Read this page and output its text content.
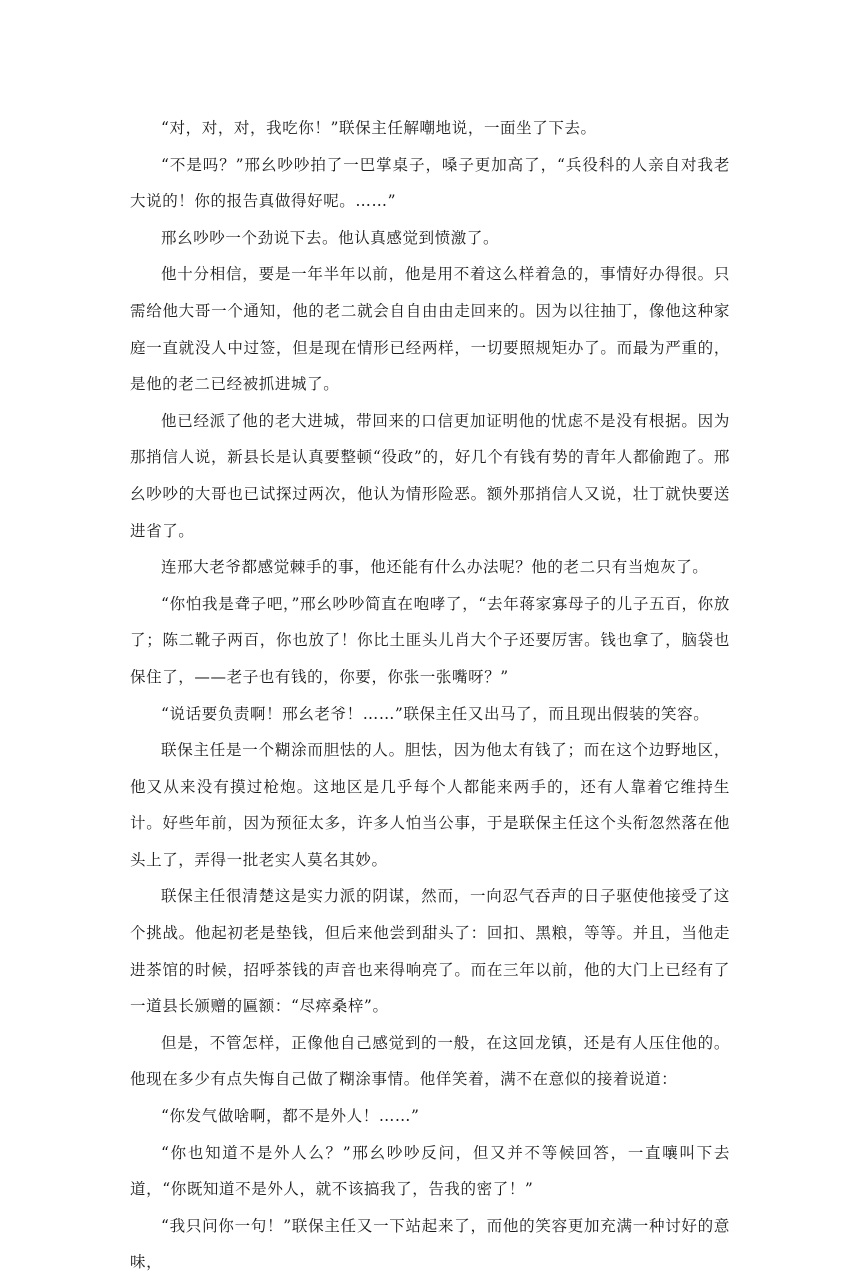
“对，对，对，我吃你！”联保主任解嘲地说，一面坐了下去。

“不是吗？”邢幺吵吵拍了一巴掌桌子，嗓子更加高了，“兵役科的人亲自对我老大说的！你的报告真做得好呢。……”

邢幺吵吵一个劲说下去。他认真感觉到愤激了。

他十分相信，要是一年半年以前，他是用不着这么样着急的，事情好办得很。只需给他大哥一个通知，他的老二就会自自由由走回来的。因为以往抽丁，像他这种家庭一直就没人中过签，但是现在情形已经两样，一切要照规矩办了。而最为严重的，是他的老二已经被抓进城了。

他已经派了他的老大进城，带回来的口信更加证明他的忧虑不是没有根据。因为那捎信人说，新县长是认真要整顿“役政”的，好几个有钱有势的青年人都偷跑了。邢幺吵吵的大哥也已试探过两次，他认为情形险恶。额外那捎信人又说，壮丁就快要送进省了。

连邢大老爷都感觉棘手的事，他还能有什么办法呢？他的老二只有当炮灰了。

“你怕我是聋子吧，”邢幺吵吵简直在咆哮了，“去年蒋家寡母子的儿子五百，你放了；陈二靴子两百，你也放了！你比土匪头儿肖大个子还要厉害。钱也拿了，脑袋也保住了，——老子也有钱的，你要，你张一张嘴呀？”

“说话要负责啊！邢幺老爷！……”联保主任又出马了，而且现出假装的笑容。

联保主任是一个糊涂而胆怯的人。胆怯，因为他太有钱了；而在这个边野地区，他又从来没有摸过枪炮。这地区是几乎每个人都能来两手的，还有人靠着它维持生计。好些年前，因为预征太多，许多人怕当公事，于是联保主任这个头衔忽然落在他头上了，弄得一批老实人莫名其妙。

联保主任很清楚这是实力派的阴谋，然而，一向忍气吞声的日子驱使他接受了这个挑战。他起初老是垫钱，但后来他尝到甜头了：回扣、黑粮，等等。并且，当他走进茶馆的时候，招呼茶钱的声音也来得响亮了。而在三年以前，他的大门上已经有了一道县长颁赠的匾额：“尽瘁桑梓”。

但是，不管怎样，正像他自己感觉到的一般，在这回龙镇，还是有人压住他的。他现在多少有点失悔自己做了糊涂事情。他佯笑着，满不在意似的接着说道：

“你发气做啥啊，都不是外人！……”

“你也知道不是外人么？”邢幺吵吵反问，但又并不等候回答，一直嚷叫下去道，“你既知道不是外人，就不该搞我了，告我的密了！”

“我只问你一句！”联保主任又一下站起来了，而他的笑容更加充满一种讨好的意味，
